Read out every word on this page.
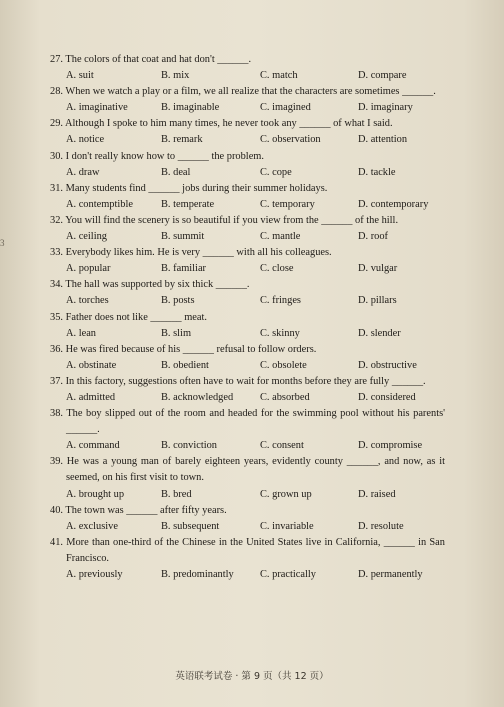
3
27. The colors of that coat and hat don't ______.
A. suit	B. mix	C. match	D. compare
28. When we watch a play or a film, we all realize that the characters are sometimes ______.
A. imaginative	B. imaginable	C. imagined	D. imaginary
29. Although I spoke to him many times, he never took any ______ of what I said.
A. notice	B. remark	C. observation	D. attention
30. I don't really know how to ______ the problem.
A. draw	B. deal	C. cope	D. tackle
31. Many students find ______ jobs during their summer holidays.
A. contemptible	B. temperate	C. temporary	D. contemporary
32. You will find the scenery is so beautiful if you view from the ______ of the hill.
A. ceiling	B. summit	C. mantle	D. roof
33. Everybody likes him. He is very ______ with all his colleagues.
A. popular	B. familiar	C. close	D. vulgar
34. The hall was supported by six thick ______.
A. torches	B. posts	C. fringes	D. pillars
35. Father does not like ______ meat.
A. lean	B. slim	C. skinny	D. slender
36. He was fired because of his ______ refusal to follow orders.
A. obstinate	B. obedient	C. obsolete	D. obstructive
37. In this factory, suggestions often have to wait for months before they are fully ______.
A. admitted	B. acknowledged	C. absorbed	D. considered
38. The boy slipped out of the room and headed for the swimming pool without his parents' ______.
A. command	B. conviction	C. consent	D. compromise
39. He was a young man of barely eighteen years, evidently county ______, and now, as it seemed, on his first visit to town.
A. brought up	B. bred	C. grown up	D. raised
40. The town was ______ after fifty years.
A. exclusive	B. subsequent	C. invariable	D. resolute
41. More than one-third of the Chinese in the United States live in California, ______ in San Francisco.
A. previously	B. predominantly	C. practically	D. permanently
英语联考试卷 · 第 9 页（共 12 页）
